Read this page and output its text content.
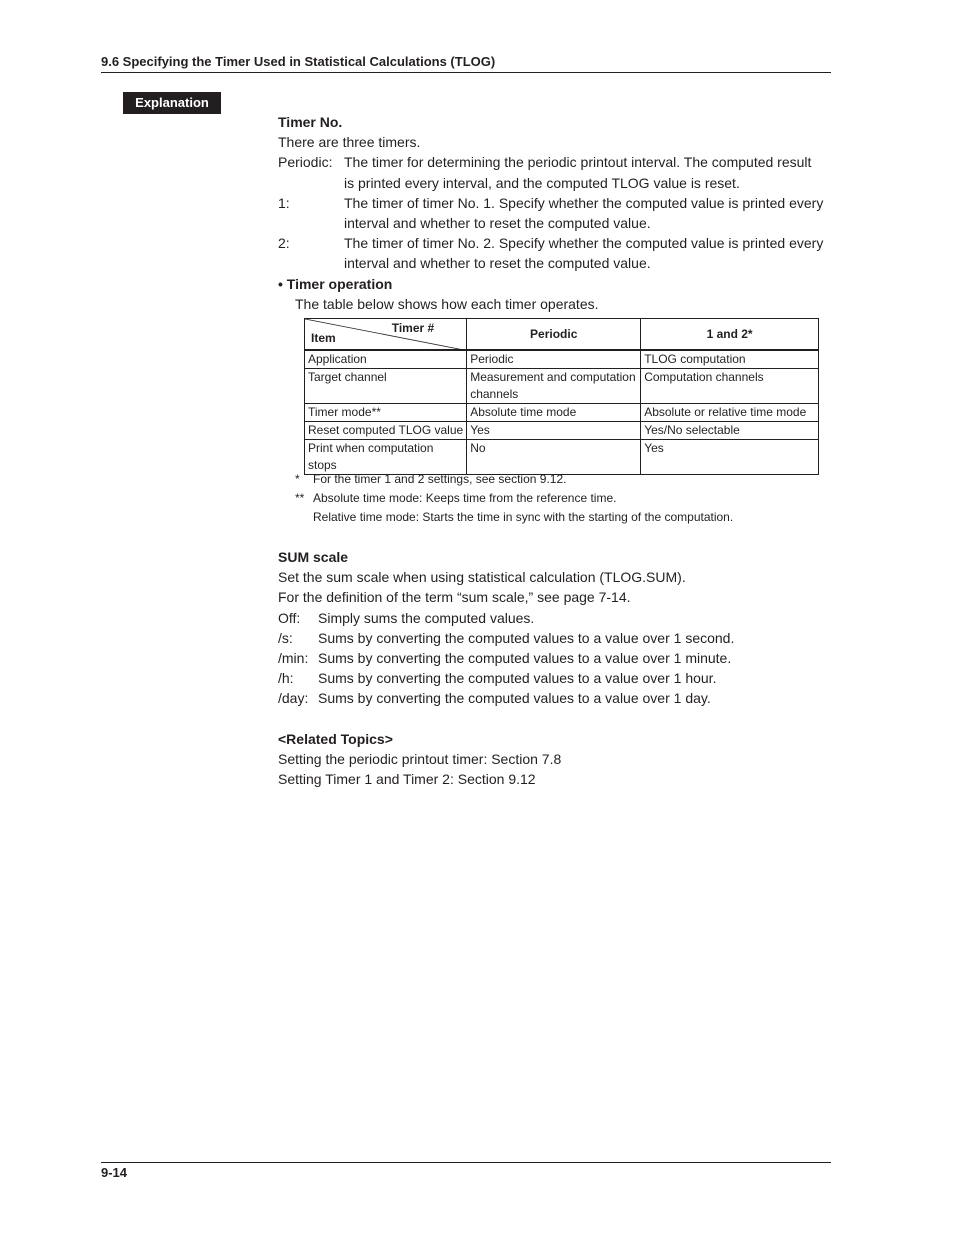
9.6 Specifying the Timer Used in Statistical Calculations (TLOG)
Explanation
Timer No.
There are three timers.
Periodic: The timer for determining the periodic printout interval. The computed result
is printed every interval, and the computed TLOG value is reset.
1:	The timer of timer No. 1. Specify whether the computed value is printed every
interval and whether to reset the computed value.
2:	The timer of timer No. 2. Specify whether the computed value is printed every
interval and whether to reset the computed value.
• Timer operation
The table below shows how each timer operates.
Timer #
Item	Periodic	1 and 2*
Application	Periodic	TLOG computation
Target channel	Measurement and computation channels	Computation channels
Timer mode**	Absolute time mode	Absolute or relative time mode
Reset computed TLOG value	Yes	Yes/No selectable
Print when computation stops	No	Yes
*	For the timer 1 and 2 settings, see section 9.12.
** Absolute time mode: Keeps time from the reference time.
Relative time mode: Starts the time in sync with the starting of the computation.
SUM scale
Set the sum scale when using statistical calculation (TLOG.SUM).
For the definition of the term “sum scale,” see page 7-14.
Off:	Simply sums the computed values.
/s:	Sums by converting the computed values to a value over 1 second.
/min: Sums by converting the computed values to a value over 1 minute.
/h:	Sums by converting the computed values to a value over 1 hour.
/day: Sums by converting the computed values to a value over 1 day.
<Related Topics>
Setting the periodic printout timer: Section 7.8
Setting Timer 1 and Timer 2: Section 9.12
9-14
